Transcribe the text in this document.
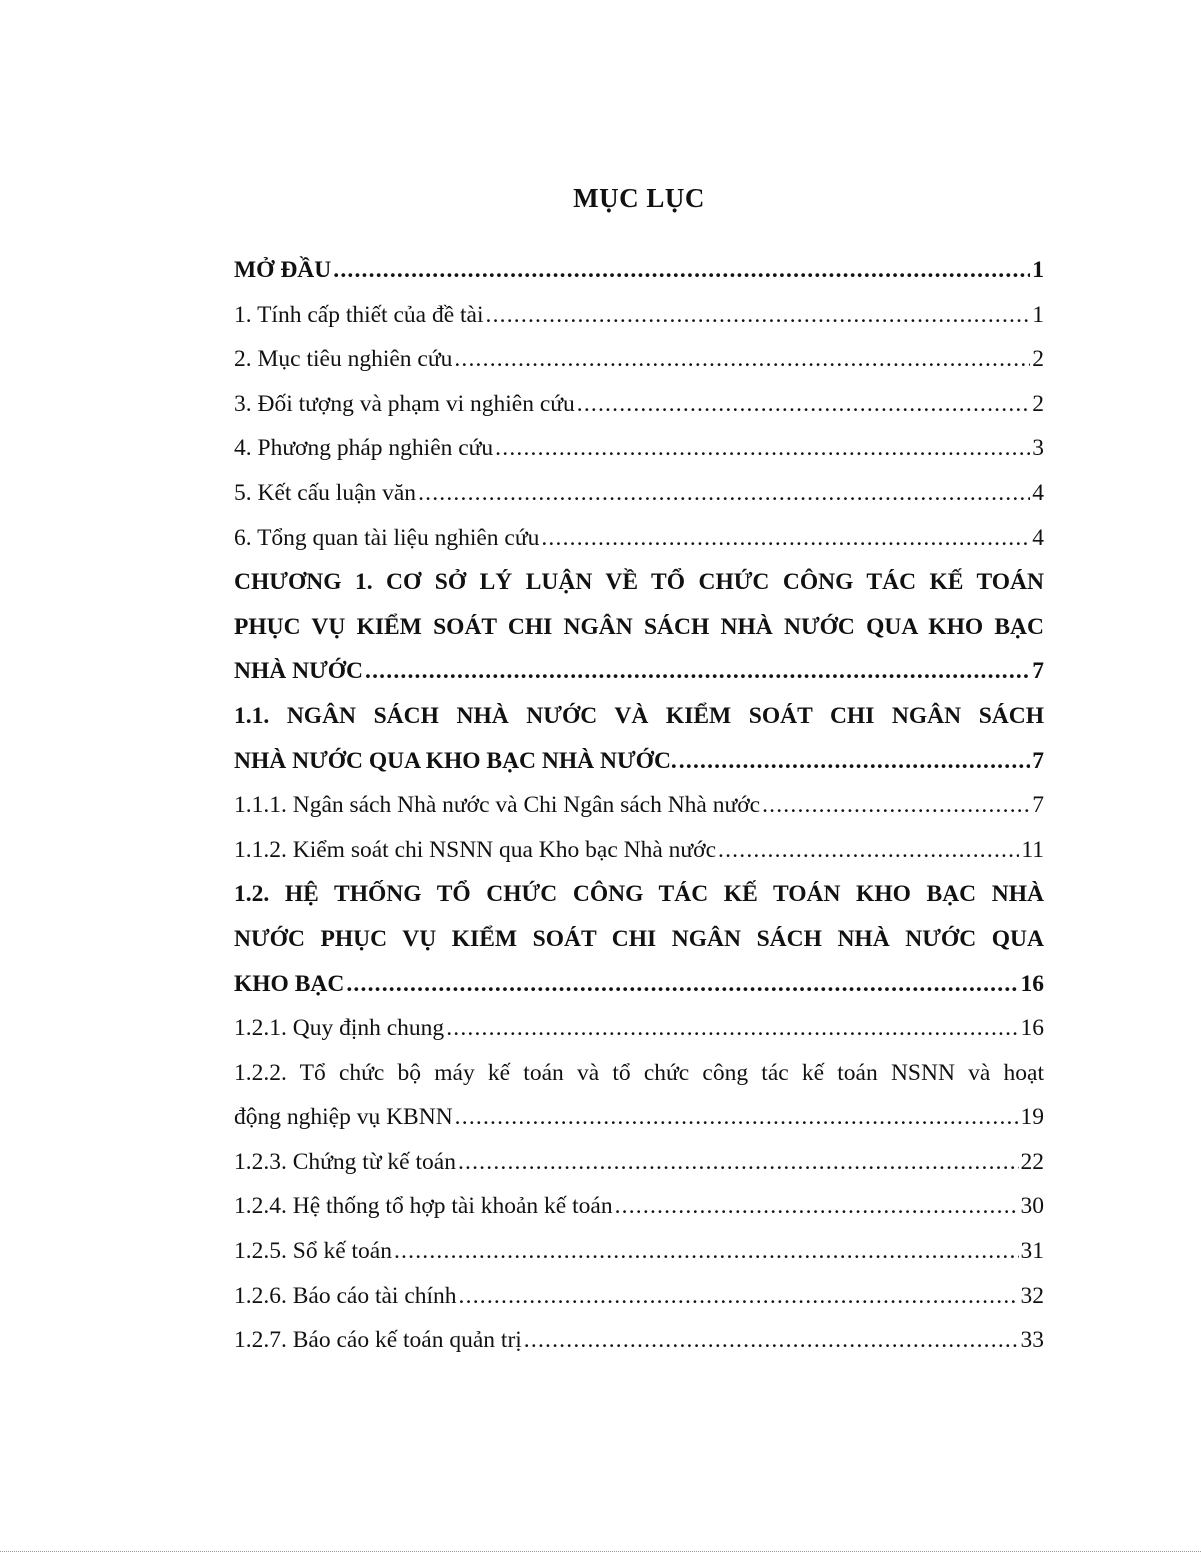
MỤC LỤC
MỞ ĐẦU .....	1
1. Tính cấp thiết của đề tài .....	1
2. Mục tiêu nghiên cứu .....	2
3. Đối tượng và phạm vi nghiên cứu .....	2
4. Phương pháp nghiên cứu .....	3
5. Kết cấu luận văn .....	4
6. Tổng quan tài liệu nghiên cứu .....	4
CHƯƠNG 1. CƠ SỞ LÝ LUẬN VỀ TỔ CHỨC CÔNG TÁC KẾ TOÁN
PHỤC VỤ KIỂM SOÁT CHI NGÂN SÁCH NHÀ NƯỚC QUA KHO BẠC
NHÀ NƯỚC .....	7
1.1. NGÂN SÁCH NHÀ NƯỚC VÀ KIỂM SOÁT CHI NGÂN SÁCH
NHÀ NƯỚC QUA KHO BẠC NHÀ NƯỚC. .....	7
1.1.1. Ngân sách Nhà nước và Chi Ngân sách Nhà nước .....	7
1.1.2. Kiểm soát chi NSNN qua Kho bạc Nhà nước .....	11
1.2. HỆ THỐNG TỔ CHỨC CÔNG TÁC KẾ TOÁN KHO BẠC NHÀ
NƯỚC PHỤC VỤ KIỂM SOÁT CHI NGÂN SÁCH NHÀ NƯỚC QUA
KHO BẠC .....	16
1.2.1. Quy định chung .....	16
1.2.2. Tổ chức bộ máy kế toán và tổ chức công tác kế toán NSNN và hoạt
động nghiệp vụ KBNN .....	19
1.2.3. Chứng từ kế toán .....	22
1.2.4. Hệ thống tổ hợp tài khoản kế toán .....	30
1.2.5. Sổ kế toán .....	31
1.2.6. Báo cáo tài chính .....	32
1.2.7. Báo cáo kế toán quản trị .....	33
